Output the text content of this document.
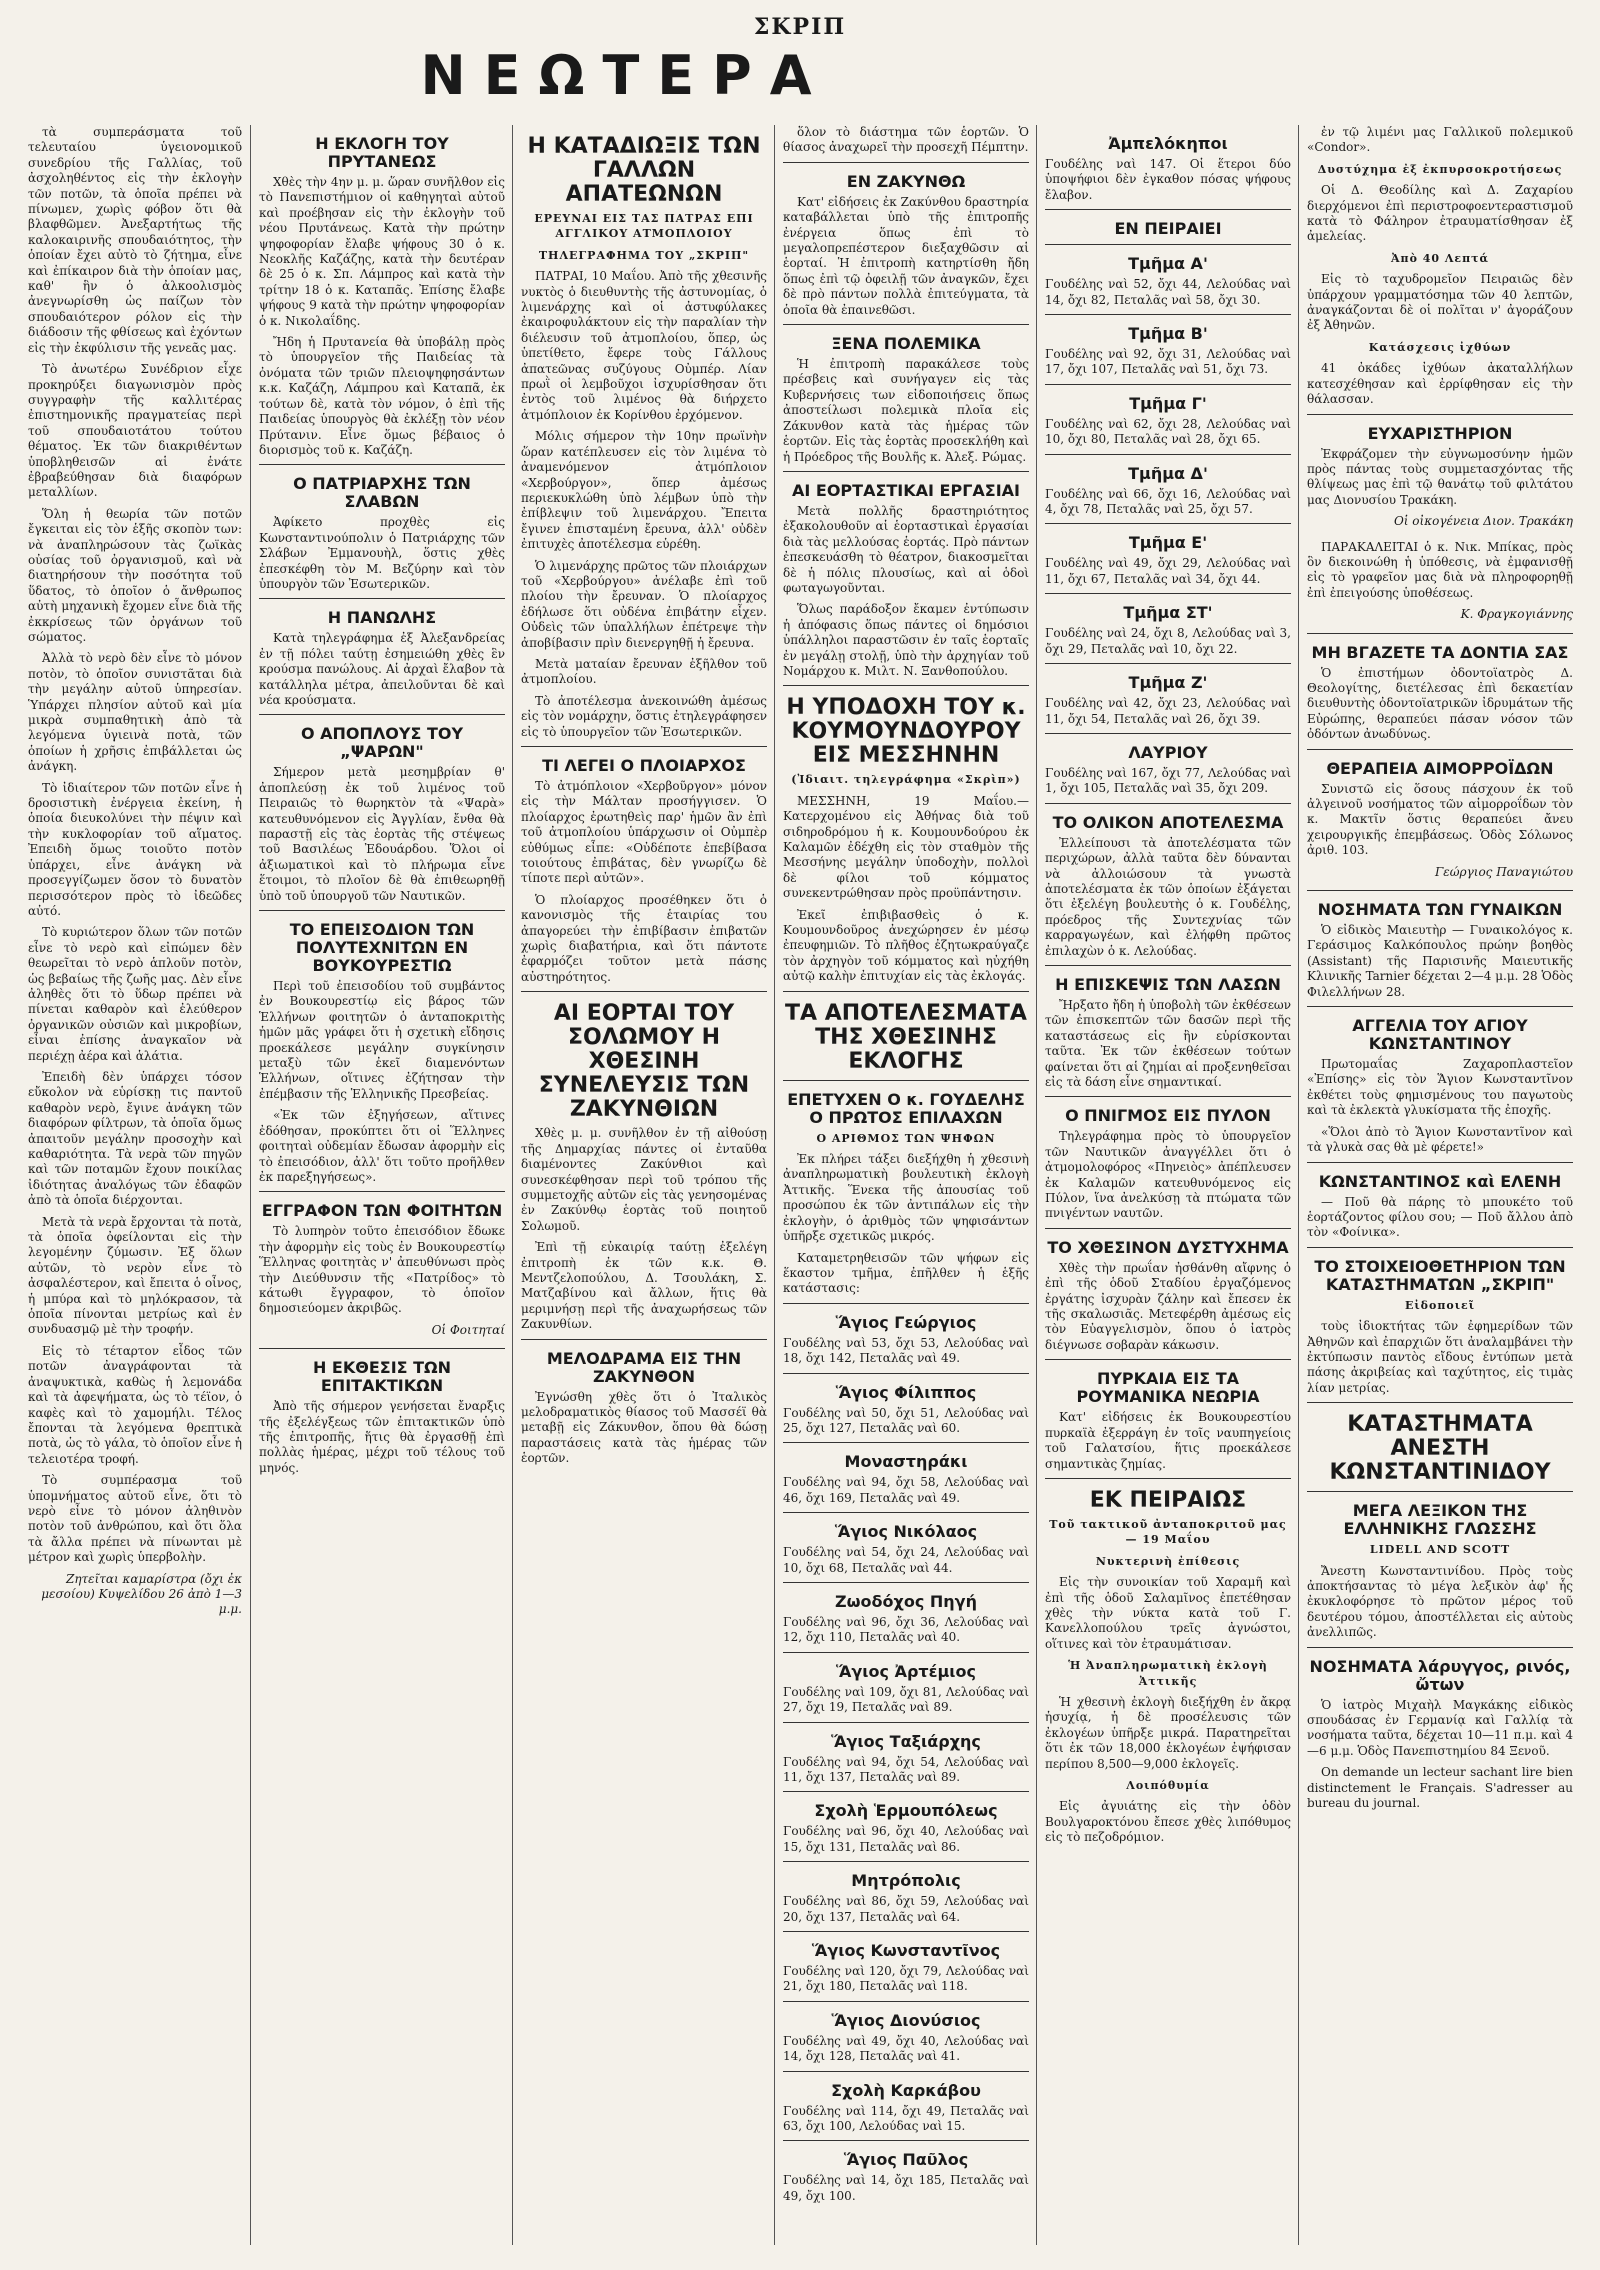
ΣΚΡΙΠ
ΝΕΩΤΕΡΑ

τὰ συμπεράσματα τοῦ τελευταίου ὑγειονομικοῦ συνεδρίου τῆς Γαλλίας, τοῦ ἀσχοληθέντος εἰς τὴν ἐκλογὴν τῶν ποτῶν, τὰ ὁποῖα πρέπει νὰ πίνωμεν, χωρὶς φόβον ὅτι θὰ βλαφθῶμεν. Ἀνεξαρτήτως τῆς καλοκαιρινῆς σπουδαιότητος, τὴν ὁποίαν ἔχει αὐτὸ τὸ ζήτημα, εἶνε καὶ ἐπίκαιρον διὰ τὴν ὁποίαν μας, καθ' ἣν ὁ ἀλκοολισμὸς ἀνεγνωρίσθη ὡς παίζων τὸν σπουδαιότερον ρόλον εἰς τὴν διάδοσιν τῆς φθίσεως καὶ ἐχόντων εἰς τὴν ἐκφύλισιν τῆς γενεᾶς μας.

Τὸ ἀνωτέρω Συνέδριον εἶχε προκηρύξει διαγωνισμὸν πρὸς συγγραφὴν τῆς καλλιτέρας ἐπιστημονικῆς πραγματείας περὶ τοῦ σπουδαιοτάτου τούτου θέματος. Ἐκ τῶν διακριθέντων ὑποβληθεισῶν αἱ ἑνάτε ἐβραβεύθησαν διὰ διαφόρων μεταλλίων.

Ὅλη ἡ θεωρία τῶν ποτῶν ἔγκειται εἰς τὸν ἑξῆς σκοπὸν των: νὰ ἀναπληρώσουν τὰς ζωϊκὰς οὐσίας τοῦ ὀργανισμοῦ, καὶ νὰ διατηρήσουν τὴν ποσότητα τοῦ ὕδατος, τὸ ὁποῖον ὁ ἄνθρωπος αὐτὴ μηχανικὴ ἔχομεν εἶνε διὰ τῆς ἐκκρίσεως τῶν ὀργάνων τοῦ σώματος.

Ἀλλὰ τὸ νερὸ δὲν εἶνε τὸ μόνον ποτὸν, τὸ ὁποῖον συνιστᾶται διὰ τὴν μεγάλην αὐτοῦ ὑπηρεσίαν. Ὑπάρχει πλησίον αὐτοῦ καὶ μία μικρὰ συμπαθητικὴ ἀπὸ τὰ λεγόμενα ὑγιεινὰ ποτὰ, τῶν ὁποίων ἡ χρῆσις ἐπιβάλλεται ὡς ἀνάγκη.

Τὸ ἰδιαίτερον τῶν ποτῶν εἶνε ἡ δροσιστικὴ ἐνέργεια ἐκείνη, ἡ ὁποία διευκολύνει τὴν πέψιν καὶ τὴν κυκλοφορίαν τοῦ αἵματος. Ἐπειδὴ ὅμως τοιοῦτο ποτὸν ὑπάρχει, εἶνε ἀνάγκη νὰ προσεγγίζωμεν ὅσον τὸ δυνατὸν περισσότερον πρὸς τὸ ἰδεῶδες αὐτό.

Τὸ κυριώτερον ὅλων τῶν ποτῶν εἶνε τὸ νερὸ καὶ εἰπώμεν δὲν θεωρεῖται τὸ νερὸ ἁπλοῦν ποτὸν, ὡς βεβαίως τῆς ζωῆς μας. Δὲν εἶνε ἀληθὲς ὅτι τὸ ὕδωρ πρέπει νὰ πίνεται καθαρὸν καὶ ἐλεύθερον ὀργανικῶν οὐσιῶν καὶ μικροβίων, εἶναι ἐπίσης ἀναγκαῖον νὰ περιέχῃ ἀέρα καὶ ἁλάτια.

Ἐπειδὴ δὲν ὑπάρχει τόσον εὔκολον νὰ εὑρίσκῃ τις παντοῦ καθαρὸν νερὸ, ἔγινε ἀνάγκη τῶν διαφόρων φίλτρων, τὰ ὁποῖα ὅμως ἀπαιτοῦν μεγάλην προσοχὴν καὶ καθαριότητα. Τὰ νερὰ τῶν πηγῶν καὶ τῶν ποταμῶν ἔχουν ποικίλας ἰδιότητας ἀναλόγως τῶν ἐδαφῶν ἀπὸ τὰ ὁποῖα διέρχονται.

Μετὰ τὰ νερὰ ἔρχονται τὰ ποτὰ, τὰ ὁποῖα ὀφείλονται εἰς τὴν λεγομένην ζύμωσιν. Ἐξ ὅλων αὐτῶν, τὸ νερὸν εἶνε τὸ ἀσφαλέστερον, καὶ ἔπειτα ὁ οἶνος, ἡ μπύρα καὶ τὸ μηλόκρασον, τὰ ὁποῖα πίνονται μετρίως καὶ ἐν συνδυασμῷ μὲ τὴν τροφήν.

Εἰς τὸ τέταρτον εἶδος τῶν ποτῶν ἀναγράφονται τὰ ἀναψυκτικὰ, καθὼς ἡ λεμονάδα καὶ τὰ ἀφεψήματα, ὡς τὸ τέϊον, ὁ καφὲς καὶ τὸ χαμομήλι. Τέλος ἔπονται τὰ λεγόμενα θρεπτικὰ ποτὰ, ὡς τὸ γάλα, τὸ ὁποῖον εἶνε ἡ τελειοτέρα τροφή.

Τὸ συμπέρασμα τοῦ ὑπομνήματος αὐτοῦ εἶνε, ὅτι τὸ νερὸ εἶνε τὸ μόνον ἀληθινὸν ποτὸν τοῦ ἀνθρώπου, καὶ ὅτι ὅλα τὰ ἄλλα πρέπει νὰ πίνωνται μὲ μέτρον καὶ χωρὶς ὑπερβολὴν.

Ζητεῖται καμαρίστρα (ὄχι ἐκ μεσοίου) Κυψελίδου 26 ἀπὸ 1—3 μ.μ.
Η ΕΚΛΟΓΗ ΤΟΥ ΠΡΥΤΑΝΕΩΣ

Χθὲς τὴν 4ην μ. μ. ὥραν συνῆλθον εἰς τὸ Πανεπιστήμιον οἱ καθηγηταὶ αὐτοῦ καὶ προέβησαν εἰς τὴν ἐκλογὴν τοῦ νέου Πρυτάνεως. Κατὰ τὴν πρώτην ψηφοφορίαν ἔλαβε ψήφους 30 ὁ κ. Νεοκλῆς Καζάζης, κατὰ τὴν δευτέραν δὲ 25 ὁ κ. Σπ. Λάμπρος καὶ κατὰ τὴν τρίτην 18 ὁ κ. Καταπᾶς. Ἐπίσης ἔλαβε ψήφους 9 κατὰ τὴν πρώτην ψηφοφορίαν ὁ κ. Νικολαΐδης.

Ἤδη ἡ Πρυτανεία θὰ ὑποβάλῃ πρὸς τὸ ὑπουργεῖον τῆς Παιδείας τὰ ὀνόματα τῶν τριῶν πλειοψηφησάντων κ.κ. Καζάζη, Λάμπρου καὶ Καταπᾶ, ἐκ τούτων δὲ, κατὰ τὸν νόμον, ὁ ἐπὶ τῆς Παιδείας ὑπουργὸς θὰ ἐκλέξῃ τὸν νέον Πρύτανιν. Εἶνε ὅμως βέβαιος ὁ διορισμὸς τοῦ κ. Καζάζη.

Ο ΠΑΤΡΙΑΡΧΗΣ ΤΩΝ ΣΛΑΒΩΝ

Ἀφίκετο προχθὲς εἰς Κωνσταντινούπολιν ὁ Πατριάρχης τῶν Σλάβων Ἐμμανουὴλ, ὅστις χθὲς ἐπεσκέφθη τὸν Μ. Βεζύρην καὶ τὸν ὑπουργὸν τῶν Ἐσωτερικῶν.

Η ΠΑΝΩΛΗΣ

Κατὰ τηλεγράφημα ἐξ Ἀλεξανδρείας ἐν τῇ πόλει ταύτῃ ἐσημειώθη χθὲς ἓν κρούσμα πανώλους. Αἱ ἀρχαὶ ἔλαβον τὰ κατάλληλα μέτρα, ἀπειλοῦνται δὲ καὶ νέα κρούσματα.

Ο ΑΠΟΠΛΟΥΣ ΤΟΥ „ΨΑΡΩΝ"

Σήμερον μετὰ μεσημβρίαν θ' ἀποπλεύσῃ ἐκ τοῦ λιμένος τοῦ Πειραιῶς τὸ θωρηκτὸν τὰ «Ψαρὰ» κατευθυνόμενον εἰς Ἀγγλίαν, ἔνθα θὰ παραστῇ εἰς τὰς ἑορτὰς τῆς στέψεως τοῦ Βασιλέως Ἐδουάρδου. Ὅλοι οἱ ἀξιωματικοὶ καὶ τὸ πλήρωμα εἶνε ἕτοιμοι, τὸ πλοῖον δὲ θὰ ἐπιθεωρηθῇ ὑπὸ τοῦ ὑπουργοῦ τῶν Ναυτικῶν.

ΤΟ ΕΠΕΙΣΟΔΙΟΝ ΤΩΝ ΠΟΛΥΤΕΧΝΙΤΩΝ ΕΝ ΒΟΥΚΟΥΡΕΣΤΙΩ

Περὶ τοῦ ἐπεισοδίου τοῦ συμβάντος ἐν Βουκουρεστίῳ εἰς βάρος τῶν Ἑλλήνων φοιτητῶν ὁ ἀνταποκριτὴς ἡμῶν μᾶς γράφει ὅτι ἡ σχετικὴ εἴδησις προεκάλεσε μεγάλην συγκίνησιν μεταξὺ τῶν ἐκεῖ διαμενόντων Ἑλλήνων, οἵτινες ἐζήτησαν τὴν ἐπέμβασιν τῆς Ἑλληνικῆς Πρεσβείας.

«Ἐκ τῶν ἐξηγήσεων, αἵτινες ἐδόθησαν, προκύπτει ὅτι οἱ Ἕλληνες φοιτηταὶ οὐδεμίαν ἔδωσαν ἀφορμὴν εἰς τὸ ἐπεισόδιον, ἀλλ' ὅτι τοῦτο προῆλθεν ἐκ παρεξηγήσεως».

ΕΓΓΡΑΦΟΝ ΤΩΝ ΦΟΙΤΗΤΩΝ

Τὸ λυπηρὸν τοῦτο ἐπεισόδιον ἔδωκε τὴν ἀφορμὴν εἰς τοὺς ἐν Βουκουρεστίῳ Ἕλληνας φοιτητὰς ν' ἀπευθύνωσι πρὸς τὴν Διεύθυνσιν τῆς «Πατρίδος» τὸ κάτωθι ἔγγραφον, τὸ ὁποῖον δημοσιεύομεν ἀκριβῶς.

Οἱ Φοιτηταί
Η ΕΚΘΕΣΙΣ ΤΩΝ ΕΠΙΤΑΚΤΙΚΩΝ

Ἀπὸ τῆς σήμερον γενήσεται ἔναρξις τῆς ἐξελέγξεως τῶν ἐπιτακτικῶν ὑπὸ τῆς ἐπιτροπῆς, ἥτις θὰ ἐργασθῇ ἐπὶ πολλὰς ἡμέρας, μέχρι τοῦ τέλους τοῦ μηνός.

Η ΚΑΤΑΔΙΩΞΙΣ ΤΩΝ ΓΑΛΛΩΝ ΑΠΑΤΕΩΝΩΝ
ΕΡΕΥΝΑΙ ΕΙΣ ΤΑΣ ΠΑΤΡΑΣ ΕΠΙ ΑΓΓΛΙΚΟΥ ΑΤΜΟΠΛΟΙΟΥ
ΤΗΛΕΓΡΑΦΗΜΑ ΤΟΥ „ΣΚΡΙΠ"

ΠΑΤΡΑΙ, 10 Μαΐου. Ἀπὸ τῆς χθεσινῆς νυκτὸς ὁ διευθυντὴς τῆς ἀστυνομίας, ὁ λιμενάρχης καὶ οἱ ἀστυφύλακες ἐκαιροφυλάκτουν εἰς τὴν παραλίαν τὴν διέλευσιν τοῦ ἀτμοπλοίου, ὅπερ, ὡς ὑπετίθετο, ἔφερε τοὺς Γάλλους ἀπατεῶνας συζύγους Οὐμπέρ. Λίαν πρωῒ οἱ λεμβοῦχοι ἰσχυρίσθησαν ὅτι ἐντὸς τοῦ λιμένος θὰ διήρχετο ἀτμόπλοιον ἐκ Κορίνθου ἐρχόμενον.

Μόλις σήμερον τὴν 10ην πρωϊνὴν ὥραν κατέπλευσεν εἰς τὸν λιμένα τὸ ἀναμενόμενον ἀτμόπλοιον «Χερβούργον», ὅπερ ἀμέσως περιεκυκλώθη ὑπὸ λέμβων ὑπὸ τὴν ἐπίβλεψιν τοῦ λιμενάρχου. Ἔπειτα ἔγινεν ἐπισταμένη ἔρευνα, ἀλλ' οὐδὲν ἐπιτυχὲς ἀποτέλεσμα εὑρέθη.

Ὁ λιμενάρχης πρῶτος τῶν πλοιάρχων τοῦ «Χερβούργου» ἀνέλαβε ἐπὶ τοῦ πλοίου τὴν ἔρευναν. Ὁ πλοίαρχος ἐδήλωσε ὅτι οὐδένα ἐπιβάτην εἶχεν. Οὐδεὶς τῶν ὑπαλλήλων ἐπέτρεψε τὴν ἀποβίβασιν πρὶν διενεργηθῇ ἡ ἔρευνα.

Μετὰ ματαίαν ἔρευναν ἐξῆλθον τοῦ ἀτμοπλοίου.

Τὸ ἀποτέλεσμα ἀνεκοινώθη ἀμέσως εἰς τὸν νομάρχην, ὅστις ἐτηλεγράφησεν εἰς τὸ ὑπουργεῖον τῶν Ἐσωτερικῶν.

ΤΙ ΛΕΓΕΙ Ο ΠΛΟΙΑΡΧΟΣ

Τὸ ἀτμόπλοιον «Χερβοῦργον» μόνον εἰς τὴν Μάλταν προσήγγισεν. Ὁ πλοίαρχος ἐρωτηθεὶς παρ' ἡμῶν ἂν ἐπὶ τοῦ ἀτμοπλοίου ὑπάρχωσιν οἱ Οὐμπὲρ εὐθύμως εἶπε: «Οὐδέποτε ἐπεβίβασα τοιούτους ἐπιβάτας, δὲν γνωρίζω δὲ τίποτε περὶ αὐτῶν».

Ὁ πλοίαρχος προσέθηκεν ὅτι ὁ κανονισμὸς τῆς ἑταιρίας του ἀπαγορεύει τὴν ἐπιβίβασιν ἐπιβατῶν χωρὶς διαβατήρια, καὶ ὅτι πάντοτε ἐφαρμόζει τοῦτον μετὰ πάσης αὐστηρότητος.

ΑΙ ΕΟΡΤΑΙ ΤΟΥ ΣΟΛΩΜΟΥ Η ΧΘΕΣΙΝΗ ΣΥΝΕΛΕΥΣΙΣ ΤΩΝ ΖΑΚΥΝΘΙΩΝ

Χθὲς μ. μ. συνῆλθον ἐν τῇ αἰθούσῃ τῆς Δημαρχίας πάντες οἱ ἐνταῦθα διαμένοντες Ζακύνθιοι καὶ συνεσκέφθησαν περὶ τοῦ τρόπου τῆς συμμετοχῆς αὐτῶν εἰς τὰς γενησομένας ἐν Ζακύνθῳ ἑορτὰς τοῦ ποιητοῦ Σολωμοῦ.

Ἐπὶ τῇ εὐκαιρίᾳ ταύτῃ ἐξελέγη ἐπιτροπὴ ἐκ τῶν κ.κ. Θ. Μεντζελοπούλου, Δ. Τσουλάκη, Σ. Ματζαβίνου καὶ ἄλλων, ἥτις θὰ μεριμνήσῃ περὶ τῆς ἀναχωρήσεως τῶν Ζακυνθίων.

ΜΕΛΟΔΡΑΜΑ ΕΙΣ ΤΗΝ ΖΑΚΥΝΘΟΝ

Ἐγνώσθη χθὲς ὅτι ὁ Ἰταλικὸς μελοδραματικὸς θίασος τοῦ Μασσέϊ θὰ μεταβῇ εἰς Ζάκυνθον, ὅπου θὰ δώσῃ παραστάσεις κατὰ τὰς ἡμέρας τῶν ἑορτῶν.

ὅλον τὸ διάστημα τῶν ἑορτῶν. Ὁ θίασος ἀναχωρεῖ τὴν προσεχῆ Πέμπτην.

ΕΝ ΖΑΚΥΝΘΩ

Κατ' εἰδήσεις ἐκ Ζακύνθου δραστηρία καταβάλλεται ὑπὸ τῆς ἐπιτροπῆς ἐνέργεια ὅπως ἐπὶ τὸ μεγαλοπρεπέστερον διεξαχθῶσιν αἱ ἑορταί. Ἡ ἐπιτροπὴ κατηρτίσθη ἤδη ὅπως ἐπὶ τῷ ὀφειλῇ τῶν ἀναγκῶν, ἔχει δὲ πρὸ πάντων πολλὰ ἐπιτεύγματα, τὰ ὁποῖα θὰ ἐπαινεθῶσι.

ΞΕΝΑ ΠΟΛΕΜΙΚΑ

Ἡ ἐπιτροπὴ παρακάλεσε τοὺς πρέσβεις καὶ συνήγαγεν εἰς τὰς Κυβερνήσεις των εἰδοποιήσεις ὅπως ἀποστείλωσι πολεμικὰ πλοῖα εἰς Ζάκυνθον κατὰ τὰς ἡμέρας τῶν ἑορτῶν. Εἰς τὰς ἑορτὰς προσεκλήθη καὶ ἡ Πρόεδρος τῆς Βουλῆς κ. Ἀλεξ. Ρώμας.

ΑΙ ΕΟΡΤΑΣΤΙΚΑΙ ΕΡΓΑΣΙΑΙ

Μετὰ πολλῆς δραστηριότητος ἐξακολουθοῦν αἱ ἑορταστικαὶ ἐργασίαι διὰ τὰς μελλούσας ἑορτάς. Πρὸ πάντων ἐπεσκευάσθη τὸ θέατρον, διακοσμεῖται δὲ ἡ πόλις πλουσίως, καὶ αἱ ὁδοὶ φωταγωγοῦνται.

Ὅλως παράδοξον ἔκαμεν ἐντύπωσιν ἡ ἀπόφασις ὅπως πάντες οἱ δημόσιοι ὑπάλληλοι παραστῶσιν ἐν ταῖς ἑορταῖς ἐν μεγάλῃ στολῇ, ὑπὸ τὴν ἀρχηγίαν τοῦ Νομάρχου κ. Μιλτ. Ν. Ξανθοπούλου.

Η ΥΠΟΔΟΧΗ ΤΟΥ κ. ΚΟΥΜΟΥΝΔΟΥΡΟΥ ΕΙΣ ΜΕΣΣΗΝΗΝ
(Ἰδιαιτ. τηλεγράφημα «Σκρὶπ»)

ΜΕΣΣΗΝΗ, 19 Μαΐου.—Κατερχομένου εἰς Ἀθήνας διὰ τοῦ σιδηροδρόμου ἡ κ. Κουμουνδούρου ἐκ Καλαμῶν ἐδέχθη εἰς τὸν σταθμὸν τῆς Μεσσήνης μεγάλην ὑποδοχὴν, πολλοὶ δὲ φίλοι τοῦ κόμματος συνεκεντρώθησαν πρὸς προϋπάντησιν.

Ἐκεῖ ἐπιβιβασθεὶς ὁ κ. Κουμουνδοῦρος ἀνεχώρησεν ἐν μέσῳ ἐπευφημιῶν. Τὸ πλῆθος ἐζητωκραύγαζε τὸν ἀρχηγὸν τοῦ κόμματος καὶ ηὐχήθη αὐτῷ καλὴν ἐπιτυχίαν εἰς τὰς ἐκλογάς.

ΤΑ ΑΠΟΤΕΛΕΣΜΑΤΑ ΤΗΣ ΧΘΕΣΙΝΗΣ ΕΚΛΟΓΗΣ
ΕΠΕΤΥΧΕΝ Ο κ. ΓΟΥΔΕΛΗΣ Ο ΠΡΩΤΟΣ ΕΠΙΛΑΧΩΝ
Ο ΑΡΙΘΜΟΣ ΤΩΝ ΨΗΦΩΝ

Ἐκ πλήρει τάξει διεξήχθη ἡ χθεσινὴ ἀναπληρωματικὴ βουλευτικὴ ἐκλογὴ Ἀττικῆς. Ἕνεκα τῆς ἀπουσίας τοῦ προσώπου ἐκ τῶν ἀντιπάλων εἰς τὴν ἐκλογὴν, ὁ ἀριθμὸς τῶν ψηφισάντων ὑπῆρξε σχετικῶς μικρός.

Καταμετρηθεισῶν τῶν ψήφων εἰς ἕκαστον τμῆμα, ἐπῆλθεν ἡ ἑξῆς κατάστασις:

Ἅγιος Γεώργιος
Γουδέλης ναὶ 53, ὄχι 53, Λελούδας ναὶ 18, ὄχι 142, Πεταλᾶς ναὶ 49.
Ἅγιος Φίλιππος
Γουδέλης ναὶ 50, ὄχι 51, Λελούδας ναὶ 25, ὄχι 127, Πεταλᾶς ναὶ 60.
Μοναστηράκι
Γουδέλης ναὶ 94, ὄχι 58, Λελούδας ναὶ 46, ὄχι 169, Πεταλᾶς ναὶ 49.
Ἅγιος Νικόλαος
Γουδέλης ναὶ 54, ὄχι 24, Λελούδας ναὶ 10, ὄχι 68, Πεταλᾶς ναὶ 44.
Ζωοδόχος Πηγή
Γουδέλης ναὶ 96, ὄχι 36, Λελούδας ναὶ 12, ὄχι 110, Πεταλᾶς ναὶ 40.
Ἅγιος Ἀρτέμιος
Γουδέλης ναὶ 109, ὄχι 81, Λελούδας ναὶ 27, ὄχι 19, Πεταλᾶς ναὶ 89.
Ἅγιος Ταξιάρχης
Γουδέλης ναὶ 94, ὄχι 54, Λελούδας ναὶ 11, ὄχι 137, Πεταλᾶς ναὶ 89.
Σχολὴ Ἑρμουπόλεως
Γουδέλης ναὶ 96, ὄχι 40, Λελούδας ναὶ 15, ὄχι 131, Πεταλᾶς ναὶ 86.
Μητρόπολις
Γουδέλης ναὶ 86, ὄχι 59, Λελούδας ναὶ 20, ὄχι 137, Πεταλᾶς ναὶ 64.
Ἅγιος Κωνσταντῖνος
Γουδέλης ναὶ 120, ὄχι 79, Λελούδας ναὶ 21, ὄχι 180, Πεταλᾶς ναὶ 118.
Ἅγιος Διονύσιος
Γουδέλης ναὶ 49, ὄχι 40, Λελούδας ναὶ 14, ὄχι 128, Πεταλᾶς ναὶ 41.
Σχολὴ Καρκάβου
Γουδέλης ναὶ 114, ὄχι 49, Πεταλᾶς ναὶ 63, ὄχι 100, Λελούδας ναὶ 15.
Ἅγιος Παῦλος
Γουδέλης ναὶ 14, ὄχι 185, Πεταλᾶς ναὶ 49, ὄχι 100.
Ἀμπελόκηποι
Γουδέλης ναὶ 147. Οἱ ἕτεροι δύο ὑποψήφιοι δὲν ἐγκαθον πόσας ψήφους ἔλαβον.
ΕΝ ΠΕΙΡΑΙΕΙ
Τμῆμα Α'
Γουδέλης ναὶ 52, ὄχι 44, Λελούδας ναὶ 14, ὄχι 82, Πεταλᾶς ναὶ 58, ὄχι 30.
Τμῆμα Β'
Γουδέλης ναὶ 92, ὄχι 31, Λελούδας ναὶ 17, ὄχι 107, Πεταλᾶς ναὶ 51, ὄχι 73.
Τμῆμα Γ'
Γουδέλης ναὶ 62, ὄχι 28, Λελούδας ναὶ 10, ὄχι 80, Πεταλᾶς ναὶ 28, ὄχι 65.
Τμῆμα Δ'
Γουδέλης ναὶ 66, ὄχι 16, Λελούδας ναὶ 4, ὄχι 78, Πεταλᾶς ναὶ 25, ὄχι 57.
Τμῆμα Ε'
Γουδέλης ναὶ 49, ὄχι 29, Λελούδας ναὶ 11, ὄχι 67, Πεταλᾶς ναὶ 34, ὄχι 44.
Τμῆμα ΣΤ'
Γουδέλης ναὶ 24, ὄχι 8, Λελούδας ναὶ 3, ὄχι 29, Πεταλᾶς ναὶ 10, ὄχι 22.
Τμῆμα Ζ'
Γουδέλης ναὶ 42, ὄχι 23, Λελούδας ναὶ 11, ὄχι 54, Πεταλᾶς ναὶ 26, ὄχι 39.
ΛΑΥΡΙΟΥ
Γουδέλης ναὶ 167, ὄχι 77, Λελούδας ναὶ 1, ὄχι 105, Πεταλᾶς ναὶ 35, ὄχι 209.
ΤΟ ΟΛΙΚΟΝ ΑΠΟΤΕΛΕΣΜΑ

Ἐλλείπουσι τὰ ἀποτελέσματα τῶν περιχώρων, ἀλλὰ ταῦτα δὲν δύνανται νὰ ἀλλοιώσουν τὰ γνωστὰ ἀποτελέσματα ἐκ τῶν ὁποίων ἐξάγεται ὅτι ἐξελέγη βουλευτὴς ὁ κ. Γουδέλης, πρόεδρος τῆς Συντεχνίας τῶν καρραγωγέων, καὶ ἐλήφθη πρῶτος ἐπιλαχὼν ὁ κ. Λελούδας.

Η ΕΠΙΣΚΕΨΙΣ ΤΩΝ ΛΑΣΩΝ

Ἤρξατο ἤδη ἡ ὑποβολὴ τῶν ἐκθέσεων τῶν ἐπισκεπτῶν τῶν δασῶν περὶ τῆς καταστάσεως εἰς ἣν εὑρίσκονται ταῦτα. Ἐκ τῶν ἐκθέσεων τούτων φαίνεται ὅτι αἱ ζημίαι αἱ προξενηθεῖσαι εἰς τὰ δάση εἶνε σημαντικαί.

Ο ΠΝΙΓΜΟΣ ΕΙΣ ΠΥΛΟΝ

Τηλεγράφημα πρὸς τὸ ὑπουργεῖον τῶν Ναυτικῶν ἀναγγέλλει ὅτι ὁ ἀτμομολοφόρος «Πηνειὸς» ἀπέπλευσεν ἐκ Καλαμῶν κατευθυνόμενος εἰς Πύλον, ἵνα ἀνελκύσῃ τὰ πτώματα τῶν πνιγέντων ναυτῶν.

ΤΟ ΧΘΕΣΙΝΟΝ ΔΥΣΤΥΧΗΜΑ

Χθὲς τὴν πρωΐαν ἠσθάνθη αἴφνης ὁ ἐπὶ τῆς ὁδοῦ Σταδίου ἐργαζόμενος ἐργάτης ἰσχυρὰν ζάλην καὶ ἔπεσεν ἐκ τῆς σκαλωσιᾶς. Μετεφέρθη ἀμέσως εἰς τὸν Εὐαγγελισμὸν, ὅπου ὁ ἰατρὸς διέγνωσε σοβαρὰν κάκωσιν.

ΠΥΡΚΑΙΑ ΕΙΣ ΤΑ ΡΟΥΜΑΝΙΚΑ ΝΕΩΡΙΑ

Κατ' εἰδήσεις ἐκ Βουκουρεστίου πυρκαϊὰ ἐξερράγη ἐν τοῖς ναυπηγείοις τοῦ Γαλατσίου, ἥτις προεκάλεσε σημαντικὰς ζημίας.

ΕΚ ΠΕΙΡΑΙΩΣ
Τοῦ τακτικοῦ ἀνταποκριτοῦ μας — 19 Μαΐου
Νυκτερινὴ ἐπίθεσις

Εἰς τὴν συνοικίαν τοῦ Χαραμῆ καὶ ἐπὶ τῆς ὁδοῦ Σαλαμῖνος ἐπετέθησαν χθὲς τὴν νύκτα κατὰ τοῦ Γ. Κανελλοπούλου τρεῖς ἀγνώστοι, οἵτινες καὶ τὸν ἐτραυμάτισαν.

Ἡ Ἀναπληρωματικὴ ἐκλογὴ Ἀττικῆς

Ἡ χθεσινὴ ἐκλογὴ διεξήχθη ἐν ἄκρᾳ ἡσυχίᾳ, ἡ δὲ προσέλευσις τῶν ἐκλογέων ὑπῆρξε μικρά. Παρατηρεῖται ὅτι ἐκ τῶν 18,000 ἐκλογέων ἐψήφισαν περίπου 8,500—9,000 ἐκλογεῖς.

Λοιπόθυμία

Εἰς ἀγυιάτης εἰς τὴν ὁδὸν Βουλγαροκτόνου ἔπεσε χθὲς λιπόθυμος εἰς τὸ πεζοδρόμιον.

ἐν τῷ λιμένι μας Γαλλικοῦ πολεμικοῦ «Condor».

Δυστύχημα ἐξ ἐκπυρσοκροτήσεως

Οἱ Δ. Θεοδίλης καὶ Δ. Ζαχαρίου διερχόμενοι ἐπὶ περιστροφοεντεραστισμοῦ κατὰ τὸ Φάληρον ἐτραυματίσθησαν ἐξ ἀμελείας.

Ἀπὸ 40 Λεπτά

Εἰς τὸ ταχυδρομεῖον Πειραιῶς δὲν ὑπάρχουν γραμματόσημα τῶν 40 λεπτῶν, ἀναγκάζονται δὲ οἱ πολῖται ν' ἀγοράζουν ἐξ Ἀθηνῶν.

Κατάσχεσις ἰχθύων

41 ὀκάδες ἰχθύων ἀκαταλλήλων κατεσχέθησαν καὶ ἐρρίφθησαν εἰς τὴν θάλασσαν.

ΕΥΧΑΡΙΣΤΗΡΙΟΝ

Ἐκφράζομεν τὴν εὐγνωμοσύνην ἡμῶν πρὸς πάντας τοὺς συμμετασχόντας τῆς θλίψεως μας ἐπὶ τῷ θανάτῳ τοῦ φιλτάτου μας Διονυσίου Τρακάκη.

Οἱ οἰκογένεια Διον. Τρακάκη

ΠΑΡΑΚΑΛΕΙΤΑΙ ὁ κ. Νικ. Μπίκας, πρὸς ὃν διεκοινώθη ἡ ὑπόθεσις, νὰ ἐμφανισθῇ εἰς τὸ γραφεῖον μας διὰ νὰ πληροφορηθῇ ἐπὶ ἐπειγούσης ὑποθέσεως.

Κ. Φραγκογιάννης
ΜΗ ΒΓΑΖΕΤΕ ΤΑ ΔΟΝΤΙΑ ΣΑΣ

Ὁ ἐπιστήμων ὀδοντοϊατρὸς Δ. Θεολογίτης, διετέλεσας ἐπὶ δεκαετίαν διευθυντὴς ὀδοντοϊατρικῶν ἰδρυμάτων τῆς Εὐρώπης, θεραπεύει πάσαν νόσον τῶν ὀδόντων ἀνωδύνως.

ΘΕΡΑΠΕΙΑ ΑΙΜΟΡΡΟΪΔΩΝ

Συνιστῶ εἰς ὅσους πάσχουν ἐκ τοῦ ἀλγεινοῦ νοσήματος τῶν αἱμορροΐδων τὸν κ. Μακτῖν ὅστις θεραπεύει ἄνευ χειρουργικῆς ἐπεμβάσεως. Ὁδὸς Σόλωνος ἀριθ. 103.

Γεώργιος Παναγιώτου
ΝΟΣΗΜΑΤΑ ΤΩΝ ΓΥΝΑΙΚΩΝ

Ὁ εἰδικὸς Μαιευτὴρ — Γυναικολόγος κ. Γεράσιμος Καλκόπουλος πρώην βοηθὸς (Assistant) τῆς Παρισινῆς Μαιευτικῆς Κλινικῆς Tarnier δέχεται 2—4 μ.μ. 28 Ὁδὸς Φιλελλήνων 28.

ΑΓΓΕΛΙΑ ΤΟΥ ΑΓΙΟΥ ΚΩΝΣΤΑΝΤΙΝΟΥ

Πρωτομαΐας Ζαχαροπλαστεῖον «Ἐπίσης» εἰς τὸν Ἅγιον Κωνσταντῖνον ἐκθέτει τοὺς φημισμένους του παγωτοὺς καὶ τὰ ἐκλεκτὰ γλυκίσματα τῆς ἐποχῆς.

«Ὅλοι ἀπὸ τὸ Ἅγιον Κωνσταντῖνον καὶ τὰ γλυκὰ σας θὰ μὲ φέρετε!»

ΚΩΝΣΤΑΝΤΙΝΟΣ καὶ ΕΛΕΝΗ

— Ποῦ θὰ πάρης τὸ μπουκέτο τοῦ ἑορτάζοντος φίλου σου; — Ποῦ ἄλλου ἀπὸ τὸν «Φοίνικα».

ΤΟ ΣΤΟΙΧΕΙΟΘΕΤΗΡΙΟΝ ΤΩΝ ΚΑΤΑΣΤΗΜΑΤΩΝ „ΣΚΡΙΠ"
Εἰδοποιεῖ

τοὺς ἰδιοκτήτας τῶν ἐφημερίδων τῶν Ἀθηνῶν καὶ ἐπαρχιῶν ὅτι ἀναλαμβάνει τὴν ἐκτύπωσιν παντὸς εἴδους ἐντύπων μετὰ πάσης ἀκριβείας καὶ ταχύτητος, εἰς τιμὰς λίαν μετρίας.

ΚΑΤΑΣΤΗΜΑΤΑ ΑΝΕΣΤΗ ΚΩΝΣΤΑΝΤΙΝΙΔΟΥ
ΜΕΓΑ ΛΕΞΙΚΟΝ ΤΗΣ ΕΛΛΗΝΙΚΗΣ ΓΛΩΣΣΗΣ
LIDELL AND SCOTT

Ἄνεστη Κωνσταντινίδου. Πρὸς τοὺς ἀποκτήσαντας τὸ μέγα λεξικὸν ἀφ' ἧς ἐκυκλοφόρησε τὸ πρῶτον μέρος τοῦ δευτέρου τόμου, ἀποστέλλεται εἰς αὐτοὺς ἀνελλιπῶς.

ΝΟΣΗΜΑΤΑ λάρυγγος, ρινός, ὤτων

Ὁ ἰατρὸς Μιχαὴλ Μαγκάκης εἰδικὸς σπουδάσας ἐν Γερμανίᾳ καὶ Γαλλίᾳ τὰ νοσήματα ταῦτα, δέχεται 10—11 π.μ. καὶ 4—6 μ.μ. Ὁδὸς Πανεπιστημίου 84 Ξενοῦ.

On demande un lecteur sachant lire bien distinctement le Français. S'adresser au bureau du journal.
